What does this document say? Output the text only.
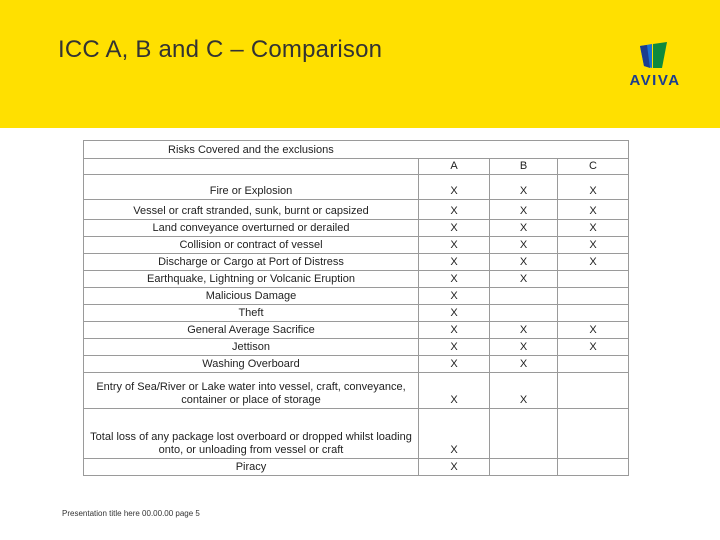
ICC A, B and C – Comparison
AVIVA
Risks Covered and the exclusions			
	A	B	C
Fire or Explosion	X	X	X
Vessel or craft stranded, sunk, burnt or capsized	X	X	X
Land conveyance overturned or derailed	X	X	X
Collision or contract of vessel	X	X	X
Discharge or Cargo at Port of Distress	X	X	X
Earthquake, Lightning or Volcanic Eruption	X	X	
Malicious Damage	X		
Theft	X		
General Average Sacrifice	X	X	X
Jettison	X	X	X
Washing Overboard	X	X	
Entry of Sea/River or Lake water into vessel, craft, conveyance, container or place of storage	X	X	
Total loss of any package lost overboard or dropped whilst loading onto, or unloading from vessel or craft	X		
Piracy	X		
Presentation title here 00.00.00 page 5
